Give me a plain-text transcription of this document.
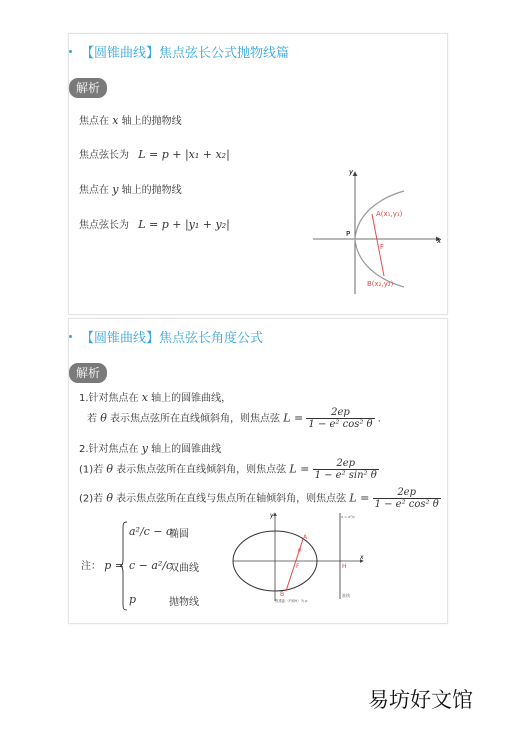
【圆锥曲线】焦点弦长公式抛物线篇
解析
焦点在 x 轴上的抛物线
焦点弦长为 L = p + |x₁ + x₂|
焦点在 y 轴上的抛物线
焦点弦长为 L = p + |y₁ + y₂|
x
y
A(x₁,y₁)
F
B(x₂,y₂)
P
【圆锥曲线】焦点弦长角度公式
解析
1.针对焦点在 x 轴上的圆锥曲线，
若 θ 表示焦点弦所在直线倾斜角，则焦点弦 $L = \frac{2ep}{\text{1 − e² cos² θ}}$ .
2.针对焦点在 y 轴上的圆锥曲线
(1)若 θ 表示焦点弦所在直线倾斜角，则焦点弦 $L = \frac{2ep}{\text{1 − e² sin² θ}}$
(2)若 θ 表示焦点弦所在直线与焦点所在轴倾斜角，则焦点弦 $L = \frac{2ep}{\text{1 − e² cos² θ}}$
注： p =
a²/c − c
椭圆
c − a²/c
双曲线
p	抛物线
x
y
A
θ
F	H
B
x = a²/c
准线
焦准距（F到H）为 p
易坊好文馆
